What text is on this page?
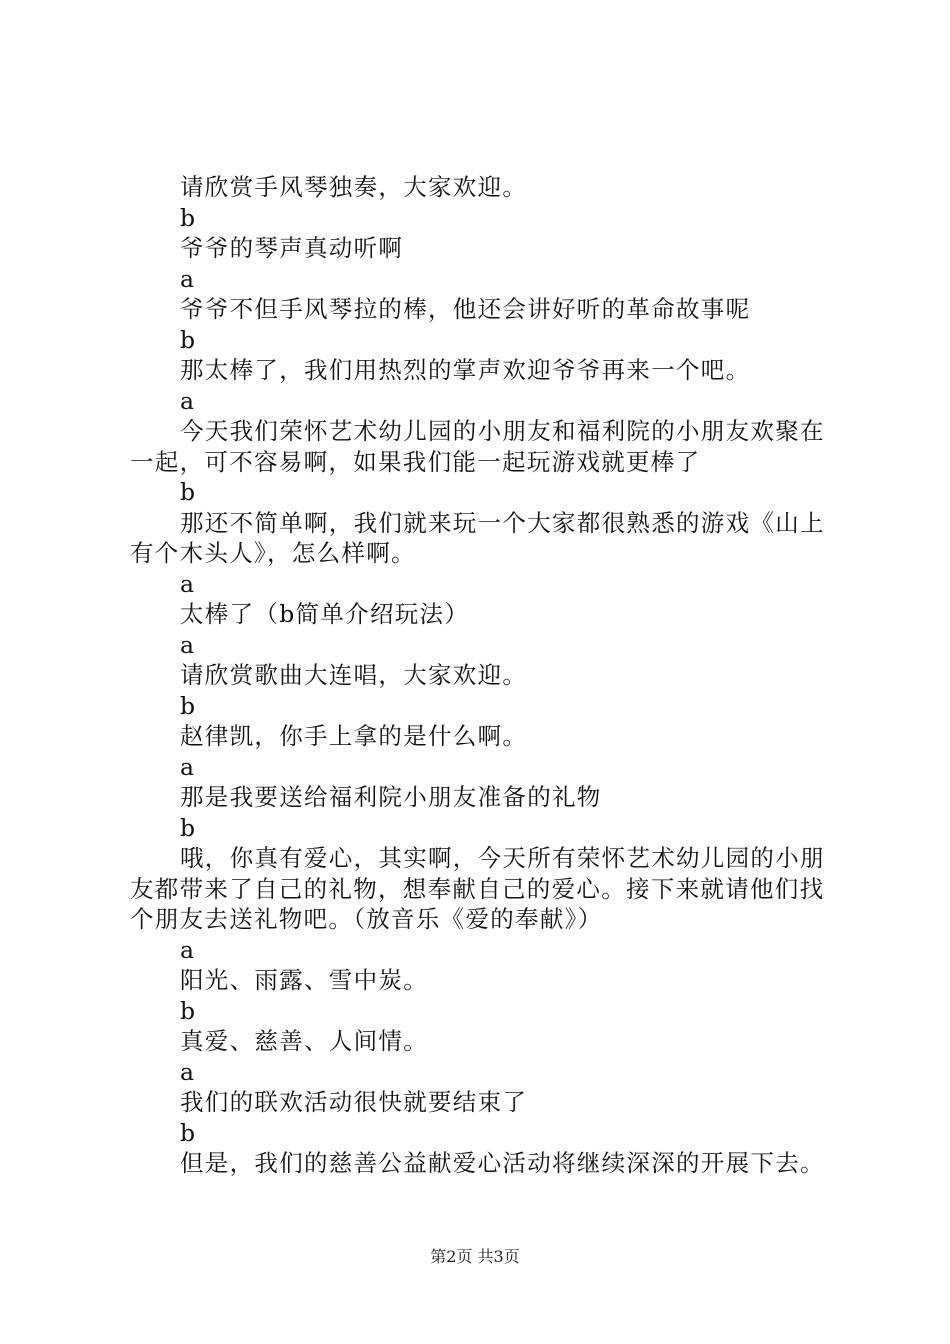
请欣赏手风琴独奏，大家欢迎。

b

爷爷的琴声真动听啊

a

爷爷不但手风琴拉的棒，他还会讲好听的革命故事呢

b

那太棒了，我们用热烈的掌声欢迎爷爷再来一个吧。

a

今天我们荣怀艺术幼儿园的小朋友和福利院的小朋友欢聚在一起，可不容易啊，如果我们能一起玩游戏就更棒了

b

那还不简单啊，我们就来玩一个大家都很熟悉的游戏《山上有个木头人》，怎么样啊。

a

太棒了（b简单介绍玩法）

a

请欣赏歌曲大连唱，大家欢迎。

b

赵律凯，你手上拿的是什么啊。

a

那是我要送给福利院小朋友准备的礼物

b

哦，你真有爱心，其实啊，今天所有荣怀艺术幼儿园的小朋友都带来了自己的礼物，想奉献自己的爱心。接下来就请他们找个朋友去送礼物吧。（放音乐《爱的奉献》）

a

阳光、雨露、雪中炭。

b

真爱、慈善、人间情。

a

我们的联欢活动很快就要结束了

b

但是，我们的慈善公益献爱心活动将继续深深的开展下去。

第2页 共3页
